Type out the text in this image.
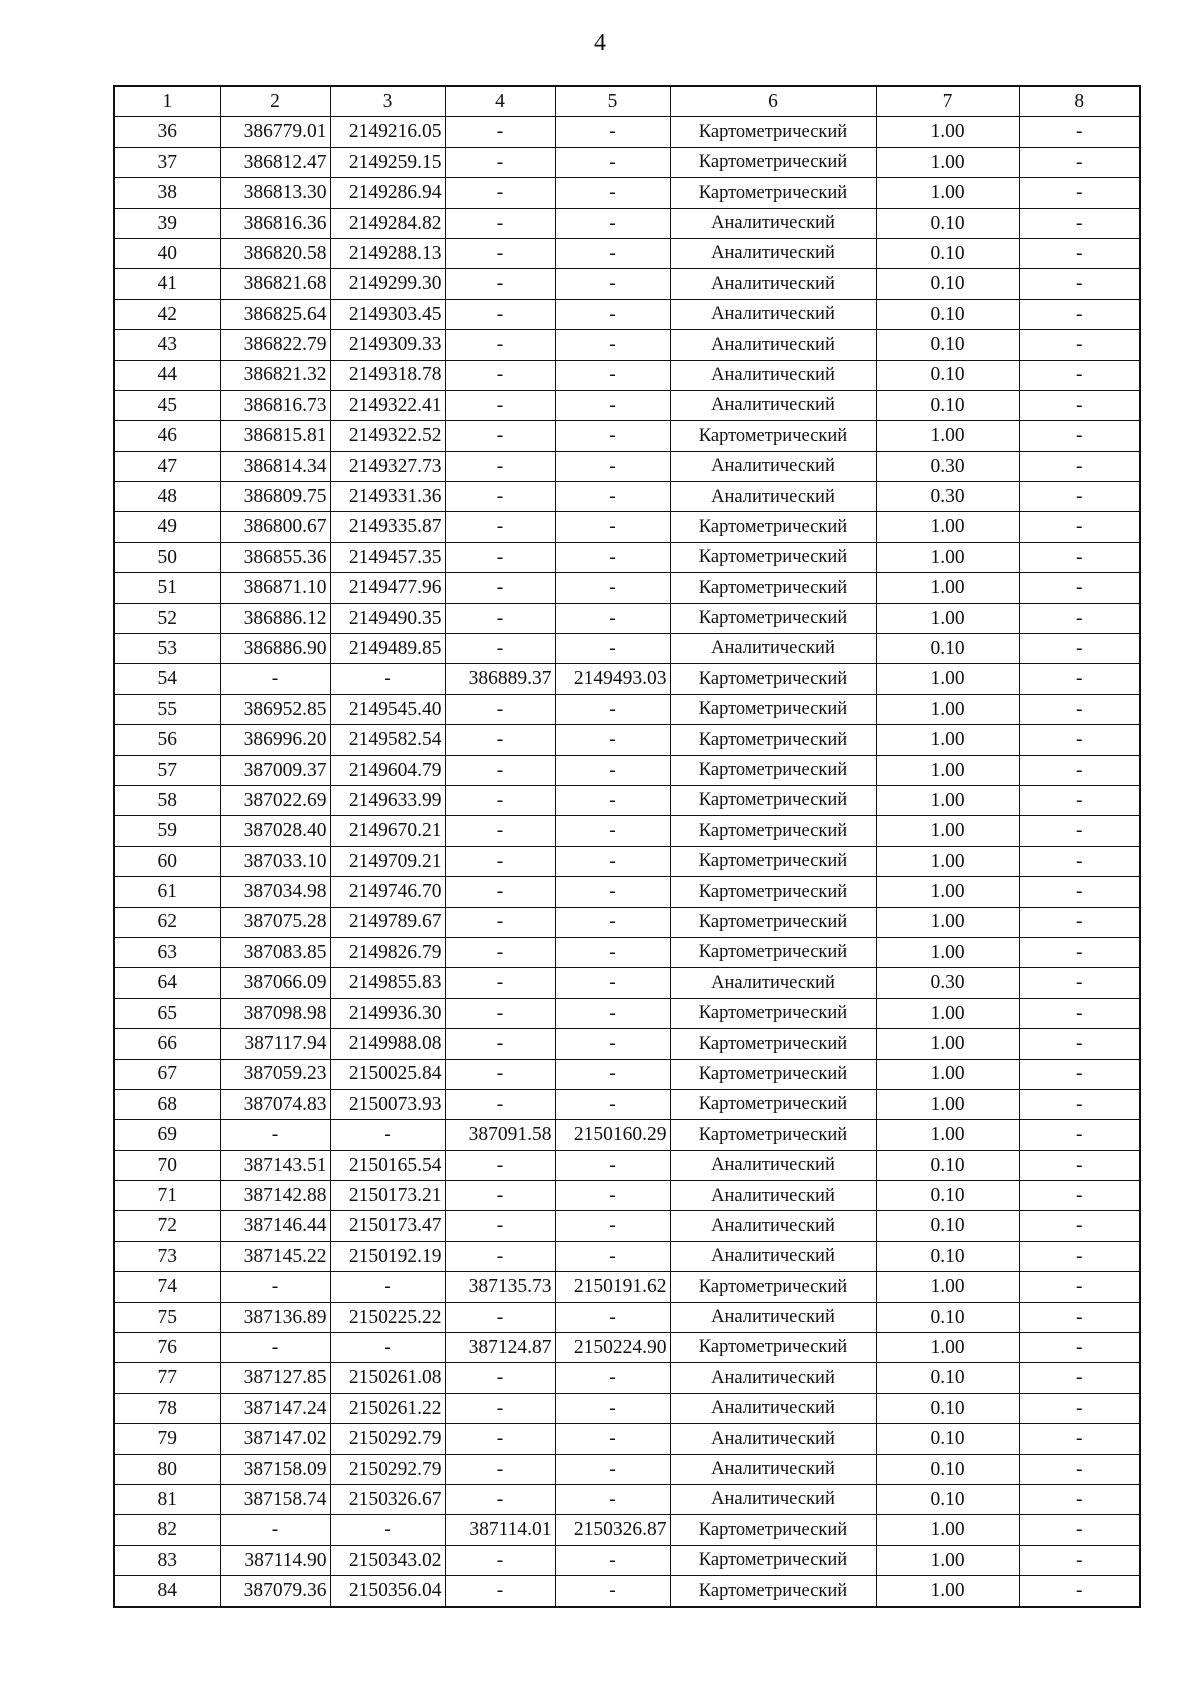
4
1	2	3	4	5	6	7	8
36	386779.01	2149216.05	-	-	Картометрический	1.00	-
37	386812.47	2149259.15	-	-	Картометрический	1.00	-
38	386813.30	2149286.94	-	-	Картометрический	1.00	-
39	386816.36	2149284.82	-	-	Аналитический	0.10	-
40	386820.58	2149288.13	-	-	Аналитический	0.10	-
41	386821.68	2149299.30	-	-	Аналитический	0.10	-
42	386825.64	2149303.45	-	-	Аналитический	0.10	-
43	386822.79	2149309.33	-	-	Аналитический	0.10	-
44	386821.32	2149318.78	-	-	Аналитический	0.10	-
45	386816.73	2149322.41	-	-	Аналитический	0.10	-
46	386815.81	2149322.52	-	-	Картометрический	1.00	-
47	386814.34	2149327.73	-	-	Аналитический	0.30	-
48	386809.75	2149331.36	-	-	Аналитический	0.30	-
49	386800.67	2149335.87	-	-	Картометрический	1.00	-
50	386855.36	2149457.35	-	-	Картометрический	1.00	-
51	386871.10	2149477.96	-	-	Картометрический	1.00	-
52	386886.12	2149490.35	-	-	Картометрический	1.00	-
53	386886.90	2149489.85	-	-	Аналитический	0.10	-
54	-	-	386889.37	2149493.03	Картометрический	1.00	-
55	386952.85	2149545.40	-	-	Картометрический	1.00	-
56	386996.20	2149582.54	-	-	Картометрический	1.00	-
57	387009.37	2149604.79	-	-	Картометрический	1.00	-
58	387022.69	2149633.99	-	-	Картометрический	1.00	-
59	387028.40	2149670.21	-	-	Картометрический	1.00	-
60	387033.10	2149709.21	-	-	Картометрический	1.00	-
61	387034.98	2149746.70	-	-	Картометрический	1.00	-
62	387075.28	2149789.67	-	-	Картометрический	1.00	-
63	387083.85	2149826.79	-	-	Картометрический	1.00	-
64	387066.09	2149855.83	-	-	Аналитический	0.30	-
65	387098.98	2149936.30	-	-	Картометрический	1.00	-
66	387117.94	2149988.08	-	-	Картометрический	1.00	-
67	387059.23	2150025.84	-	-	Картометрический	1.00	-
68	387074.83	2150073.93	-	-	Картометрический	1.00	-
69	-	-	387091.58	2150160.29	Картометрический	1.00	-
70	387143.51	2150165.54	-	-	Аналитический	0.10	-
71	387142.88	2150173.21	-	-	Аналитический	0.10	-
72	387146.44	2150173.47	-	-	Аналитический	0.10	-
73	387145.22	2150192.19	-	-	Аналитический	0.10	-
74	-	-	387135.73	2150191.62	Картометрический	1.00	-
75	387136.89	2150225.22	-	-	Аналитический	0.10	-
76	-	-	387124.87	2150224.90	Картометрический	1.00	-
77	387127.85	2150261.08	-	-	Аналитический	0.10	-
78	387147.24	2150261.22	-	-	Аналитический	0.10	-
79	387147.02	2150292.79	-	-	Аналитический	0.10	-
80	387158.09	2150292.79	-	-	Аналитический	0.10	-
81	387158.74	2150326.67	-	-	Аналитический	0.10	-
82	-	-	387114.01	2150326.87	Картометрический	1.00	-
83	387114.90	2150343.02	-	-	Картометрический	1.00	-
84	387079.36	2150356.04	-	-	Картометрический	1.00	-
